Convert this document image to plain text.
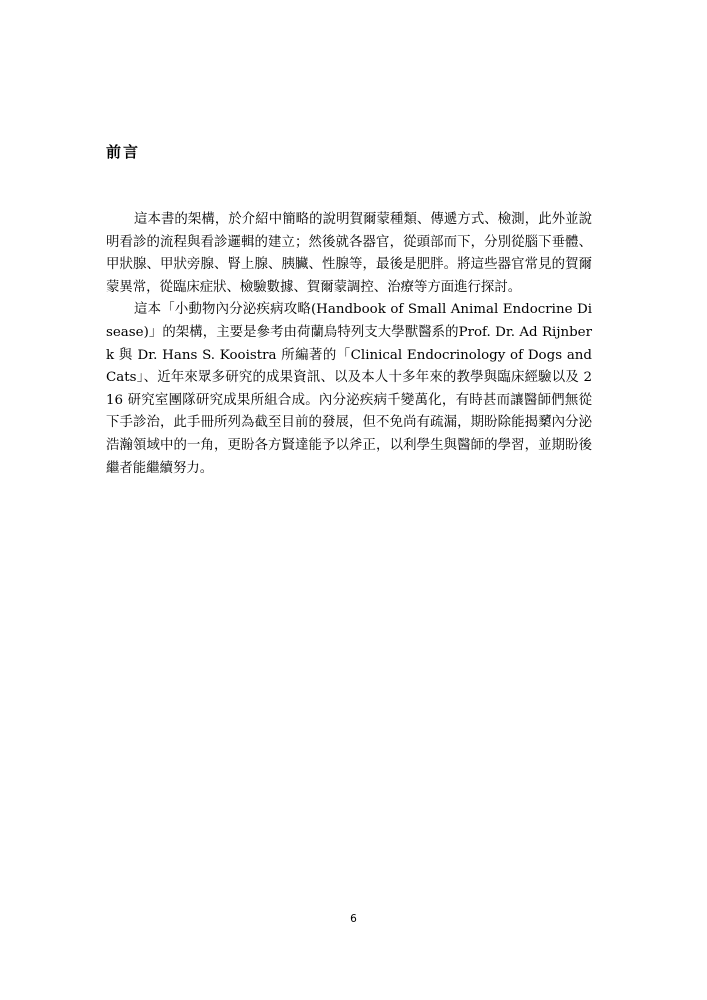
前言

這本書的架構，於介紹中簡略的說明賀爾蒙種類、傳遞方式、檢測，此外並說明看診的流程與看診邏輯的建立；然後就各器官，從頭部而下，分別從腦下垂體、甲狀腺、甲狀旁腺、腎上腺、胰臟、性腺等，最後是肥胖。將這些器官常見的賀爾蒙異常，從臨床症狀、檢驗數據、賀爾蒙調控、治療等方面進行探討。

這本「小動物內分泌疾病攻略(Handbook of Small Animal Endocrine Disease)」的架構，主要是參考由荷蘭烏特列支大學獸醫系的Prof. Dr. Ad Rijnberk 與 Dr. Hans S. Kooistra 所編著的「Clinical Endocrinology of Dogs and Cats」、近年來眾多研究的成果資訊、以及本人十多年來的教學與臨床經驗以及 216 研究室團隊研究成果所組合成。內分泌疾病千變萬化，有時甚而讓醫師們無從下手診治，此手冊所列為截至目前的發展，但不免尚有疏漏，期盼除能揭櫫內分泌浩瀚領域中的一角，更盼各方賢達能予以斧正，以利學生與醫師的學習，並期盼後繼者能繼續努力。

6
